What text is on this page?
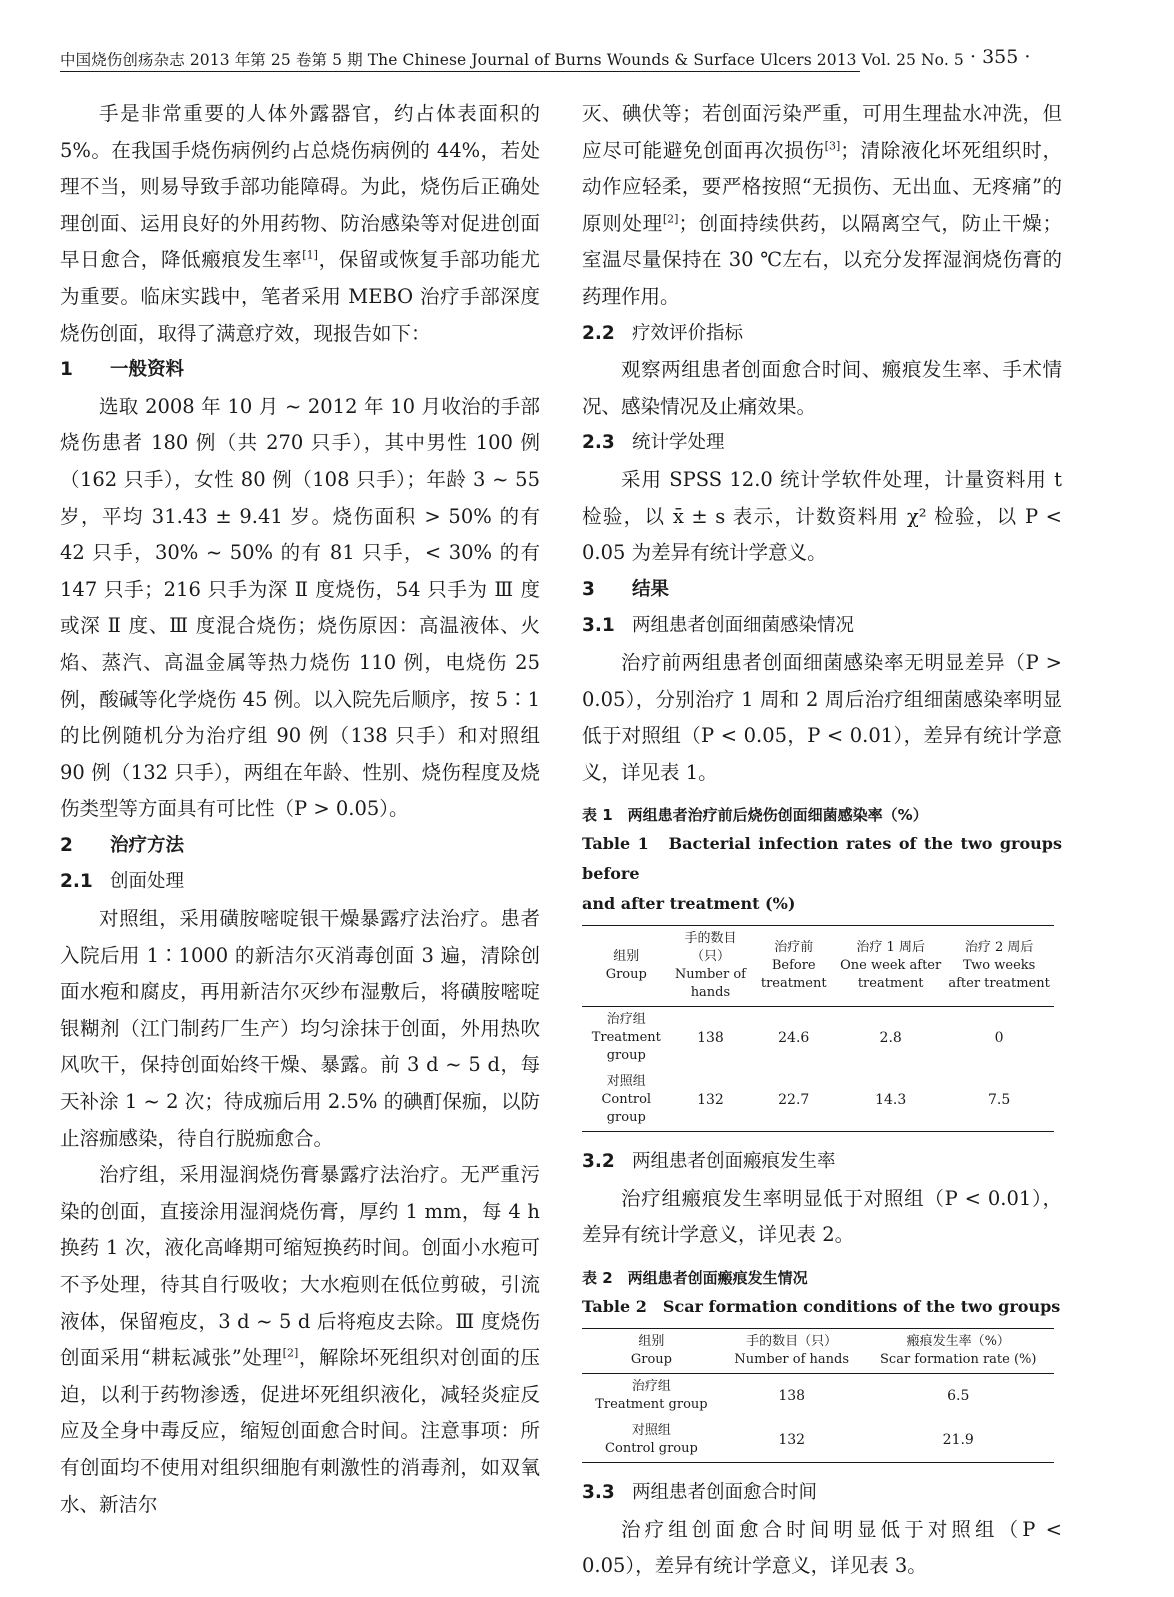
中国烧伤创疡杂志 2013 年第 25 卷第 5 期 The Chinese Journal of Burns Wounds & Surface Ulcers 2013 Vol. 25 No. 5 · 355 ·

手是非常重要的人体外露器官，约占体表面积的 5%。在我国手烧伤病例约占总烧伤病例的 44%，若处理不当，则易导致手部功能障碍。为此，烧伤后正确处理创面、运用良好的外用药物、防治感染等对促进创面早日愈合，降低瘢痕发生率[1]，保留或恢复手部功能尤为重要。临床实践中，笔者采用 MEBO 治疗手部深度烧伤创面，取得了满意疗效，现报告如下：

1 一般资料

选取 2008 年 10 月 ~ 2012 年 10 月收治的手部烧伤患者 180 例（共 270 只手），其中男性 100 例（162 只手），女性 80 例（108 只手）；年龄 3 ~ 55 岁，平均 31.43 ± 9.41 岁。烧伤面积 > 50% 的有 42 只手，30% ~ 50% 的有 81 只手，< 30% 的有 147 只手；216 只手为深 Ⅱ 度烧伤，54 只手为 Ⅲ 度或深 Ⅱ 度、Ⅲ 度混合烧伤；烧伤原因：高温液体、火焰、蒸汽、高温金属等热力烧伤 110 例，电烧伤 25 例，酸碱等化学烧伤 45 例。以入院先后顺序，按 5∶1 的比例随机分为治疗组 90 例（138 只手）和对照组 90 例（132 只手），两组在年龄、性别、烧伤程度及烧伤类型等方面具有可比性（P > 0.05）。

2 治疗方法

2.1 创面处理

对照组，采用磺胺嘧啶银干燥暴露疗法治疗。患者入院后用 1∶1000 的新洁尔灭消毒创面 3 遍，清除创面水疱和腐皮，再用新洁尔灭纱布湿敷后，将磺胺嘧啶银糊剂（江门制药厂生产）均匀涂抹于创面，外用热吹风吹干，保持创面始终干燥、暴露。前 3 d ~ 5 d，每天补涂 1 ~ 2 次；待成痂后用 2.5% 的碘酊保痂，以防止溶痂感染，待自行脱痂愈合。

治疗组，采用湿润烧伤膏暴露疗法治疗。无严重污染的创面，直接涂用湿润烧伤膏，厚约 1 mm，每 4 h 换药 1 次，液化高峰期可缩短换药时间。创面小水疱可不予处理，待其自行吸收；大水疱则在低位剪破，引流液体，保留疱皮，3 d ~ 5 d 后将疱皮去除。Ⅲ 度烧伤创面采用“耕耘减张”处理[2]，解除坏死组织对创面的压迫，以利于药物渗透，促进坏死组织液化，减轻炎症反应及全身中毒反应，缩短创面愈合时间。注意事项：所有创面均不使用对组织细胞有刺激性的消毒剂，如双氧水、新洁尔

灭、碘伏等；若创面污染严重，可用生理盐水冲洗，但应尽可能避免创面再次损伤[3]；清除液化坏死组织时，动作应轻柔，要严格按照“无损伤、无出血、无疼痛”的原则处理[2]；创面持续供药，以隔离空气，防止干燥；室温尽量保持在 30 ℃左右，以充分发挥湿润烧伤膏的药理作用。

2.2 疗效评价指标

观察两组患者创面愈合时间、瘢痕发生率、手术情况、感染情况及止痛效果。

2.3 统计学处理

采用 SPSS 12.0 统计学软件处理，计量资料用 t 检验，以 x̄ ± s 表示，计数资料用 χ² 检验，以 P < 0.05 为差异有统计学意义。

3 结果

3.1 两组患者创面细菌感染情况

治疗前两组患者创面细菌感染率无明显差异（P > 0.05），分别治疗 1 周和 2 周后治疗组细菌感染率明显低于对照组（P < 0.05，P < 0.01），差异有统计学意义，详见表 1。

表 1　两组患者治疗前后烧伤创面细菌感染率（%）

Table 1　Bacterial infection rates of the two groups before

and after treatment (%)

组别
Group	手的数目（只）
Number of hands	治疗前
Before treatment	治疗 1 周后
One week after treatment	治疗 2 周后
Two weeks after treatment

治疗组
Treatment group	138	24.6	2.8	0

对照组
Control group	132	22.7	14.3	7.5

3.2 两组患者创面瘢痕发生率

治疗组瘢痕发生率明显低于对照组（P < 0.01），差异有统计学意义，详见表 2。

表 2　两组患者创面瘢痕发生情况

Table 2　Scar formation conditions of the two groups

组别
Group	手的数目（只）
Number of hands	瘢痕发生率（%）
Scar formation rate (%)

治疗组
Treatment group	138	6.5

对照组
Control group	132	21.9

3.3 两组患者创面愈合时间

治疗组创面愈合时间明显低于对照组（P < 0.05），差异有统计学意义，详见表 3。
